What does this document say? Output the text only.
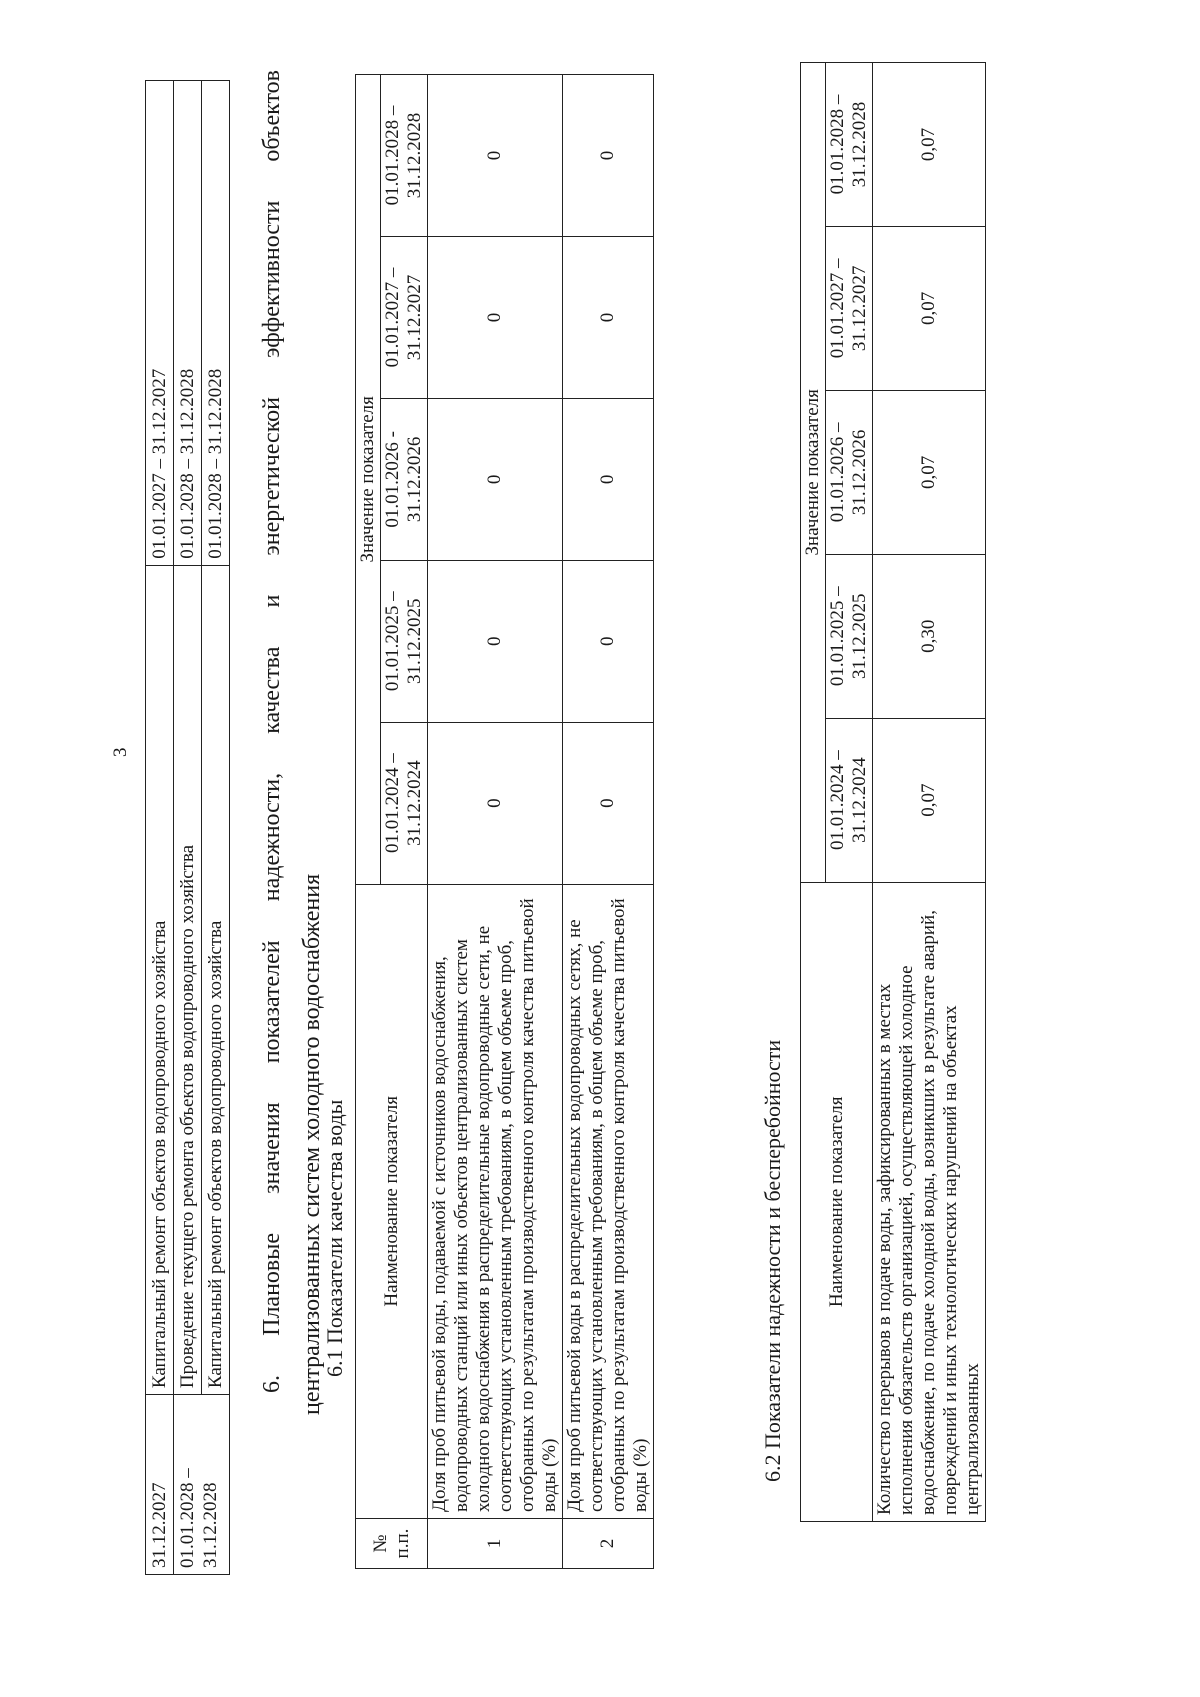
3
31.12.2027	Капитальный ремонт объектов водопроводного хозяйства	01.01.2027 – 31.12.2027
01.01.2028 – 31.12.2028	Проведение текущего ремонта объектов водопроводного хозяйства	01.01.2028 – 31.12.2028
	Капитальный ремонт объектов водопроводного хозяйства	01.01.2028 – 31.12.2028
6.
Плановые
значения
показателей
надежности,
качества
и
энергетической
эффективности
объектов
централизованных систем холодного водоснабжения
6.1 Показатели качества воды
№ п.п.	Наименование показателя	Значение показателя				
		01.01.2024 – 31.12.2024	01.01.2025 – 31.12.2025	01.01.2026 - 31.12.2026	01.01.2027 – 31.12.2027	01.01.2028 – 31.12.2028
1	Доля проб питьевой воды, подаваемой с источников водоснабжения, водопроводных станций или иных объектов централизованных систем холодного водоснабжения в распределительные водопроводные сети, не соответствующих установленным требованиям, в общем объеме проб, отобранных по результатам производственного контроля качества питьевой воды (%)	0	0	0	0	0
2	Доля проб питьевой воды в распределительных водопроводных сетях, не соответствующих установленным требованиям, в общем объеме проб, отобранных по результатам производственного контроля качества питьевой воды (%)	0	0	0	0	0
6.2 Показатели надежности и бесперебойности Наименование показателя	Значение показателя				
	01.01.2024 – 31.12.2024	01.01.2025 – 31.12.2025	01.01.2026 – 31.12.2026	01.01.2027 – 31.12.2027	01.01.2028 – 31.12.2028
Количество перерывов в подаче воды, зафиксированных в местах исполнения обязательств организацией, осуществляющей холодное водоснабжение, по подаче холодной воды, возникших в результате аварий, повреждений и иных технологических нарушений на объектах централизованных	0,07	0,30	0,07	0,07	0,07
